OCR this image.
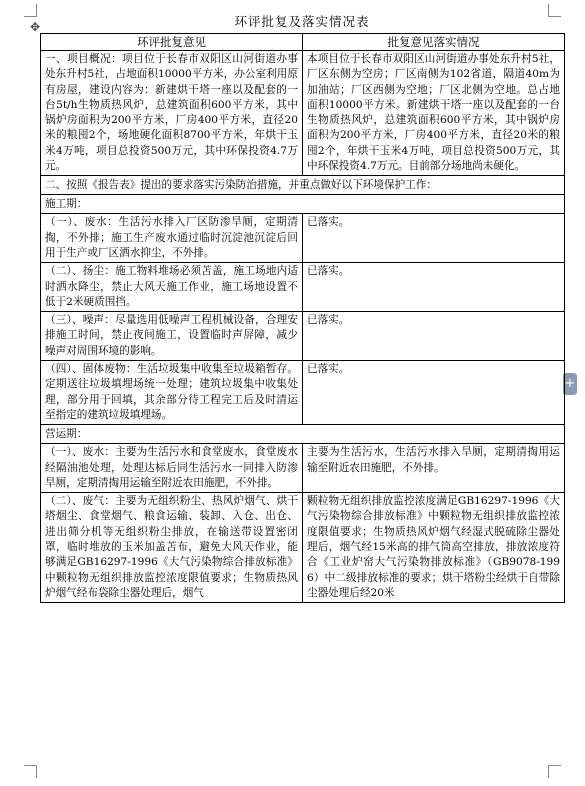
✥
+
环评批复及落实情况表
环评批复意见	批复意见落实情况
一、项目概况：项目位于长春市双阳区山河街道办事处东升村5社，占地面积10000平方米，办公室利用原有房屋，建设内容为：新建烘干塔一座以及配套的一台5t/h生物质热风炉，总建筑面积600平方米，其中锅炉房面积为200平方米，厂房400平方米，直径20米的粮囤2个，场地硬化面积8700平方米，年烘干玉米4万吨，项目总投资500万元，其中环保投资4.7万元。	本项目位于长春市双阳区山河街道办事处东升村5社，厂区东侧为空房；厂区南侧为102省道，隔道40m为加油站；厂区西侧为空地；厂区北侧为空地。总占地面积10000平方米。新建烘干塔一座以及配套的一台生物质热风炉，总建筑面积600平方米，其中锅炉房面积为200平方米，厂房400平方米，直径20米的粮囤2个，年烘干玉米4万吨，项目总投资500万元，其中环保投资4.7万元。目前部分场地尚未硬化。
二、按照《报告表》提出的要求落实污染防治措施，并重点做好以下环境保护工作：	
施工期：	
（一）、废水：生活污水排入厂区防渗旱厕，定期清掏，不外排；施工生产废水通过临时沉淀池沉淀后回用于生产或厂区洒水抑尘，不外排。	已落实。
（二）、扬尘：施工物料堆场必须苫盖，施工场地内适时洒水降尘，禁止大风天施工作业，施工场地设置不低于2米硬质围挡。	已落实。
（三）、噪声：尽量选用低噪声工程机械设备，合理安排施工时间，禁止夜间施工，设置临时声屏障，减少噪声对周围环境的影响。	已落实。
（四）、固体废物：生活垃圾集中收集至垃圾箱暂存。定期送往垃圾填埋场统一处理；建筑垃圾集中收集处理，部分用于回填，其余部分待工程完工后及时清运至指定的建筑垃圾填埋场。	已落实。
营运期：	
（一）、废水：主要为生活污水和食堂废水，食堂废水经隔油池处理，处理达标后同生活污水一同排入防渗旱厕，定期清掏用运输至附近农田施肥，不外排。	主要为生活污水，生活污水排入旱厕，定期清掏用运输至附近农田施肥，不外排。
（二）、废气：主要为无组织粉尘、热风炉烟气、烘干塔烟尘、食堂烟气、粮食运输、装卸、入仓、出仓、进出筛分机等无组织粉尘排放，在输送带设置密闭罩，临时堆放的玉米加盖苫布，避免大风天作业，能够满足GB16297-1996《大气污染物综合排放标准》中颗粒物无组织排放监控浓度限值要求；生物质热风炉烟气经布袋除尘器处理后，烟气	颗粒物无组织排放监控浓度满足GB16297-1996《大气污染物综合排放标准》中颗粒物无组织排放监控浓度限值要求；生物质热风炉烟气经湿式脱硫除尘器处理后，烟气经15米高的排气筒高空排放，排放浓度符合《工业炉窑大气污染物排放标准》（GB9078-1996）中二级排放标准的要求；烘干塔粉尘经烘干自带除尘器处理后经20米
